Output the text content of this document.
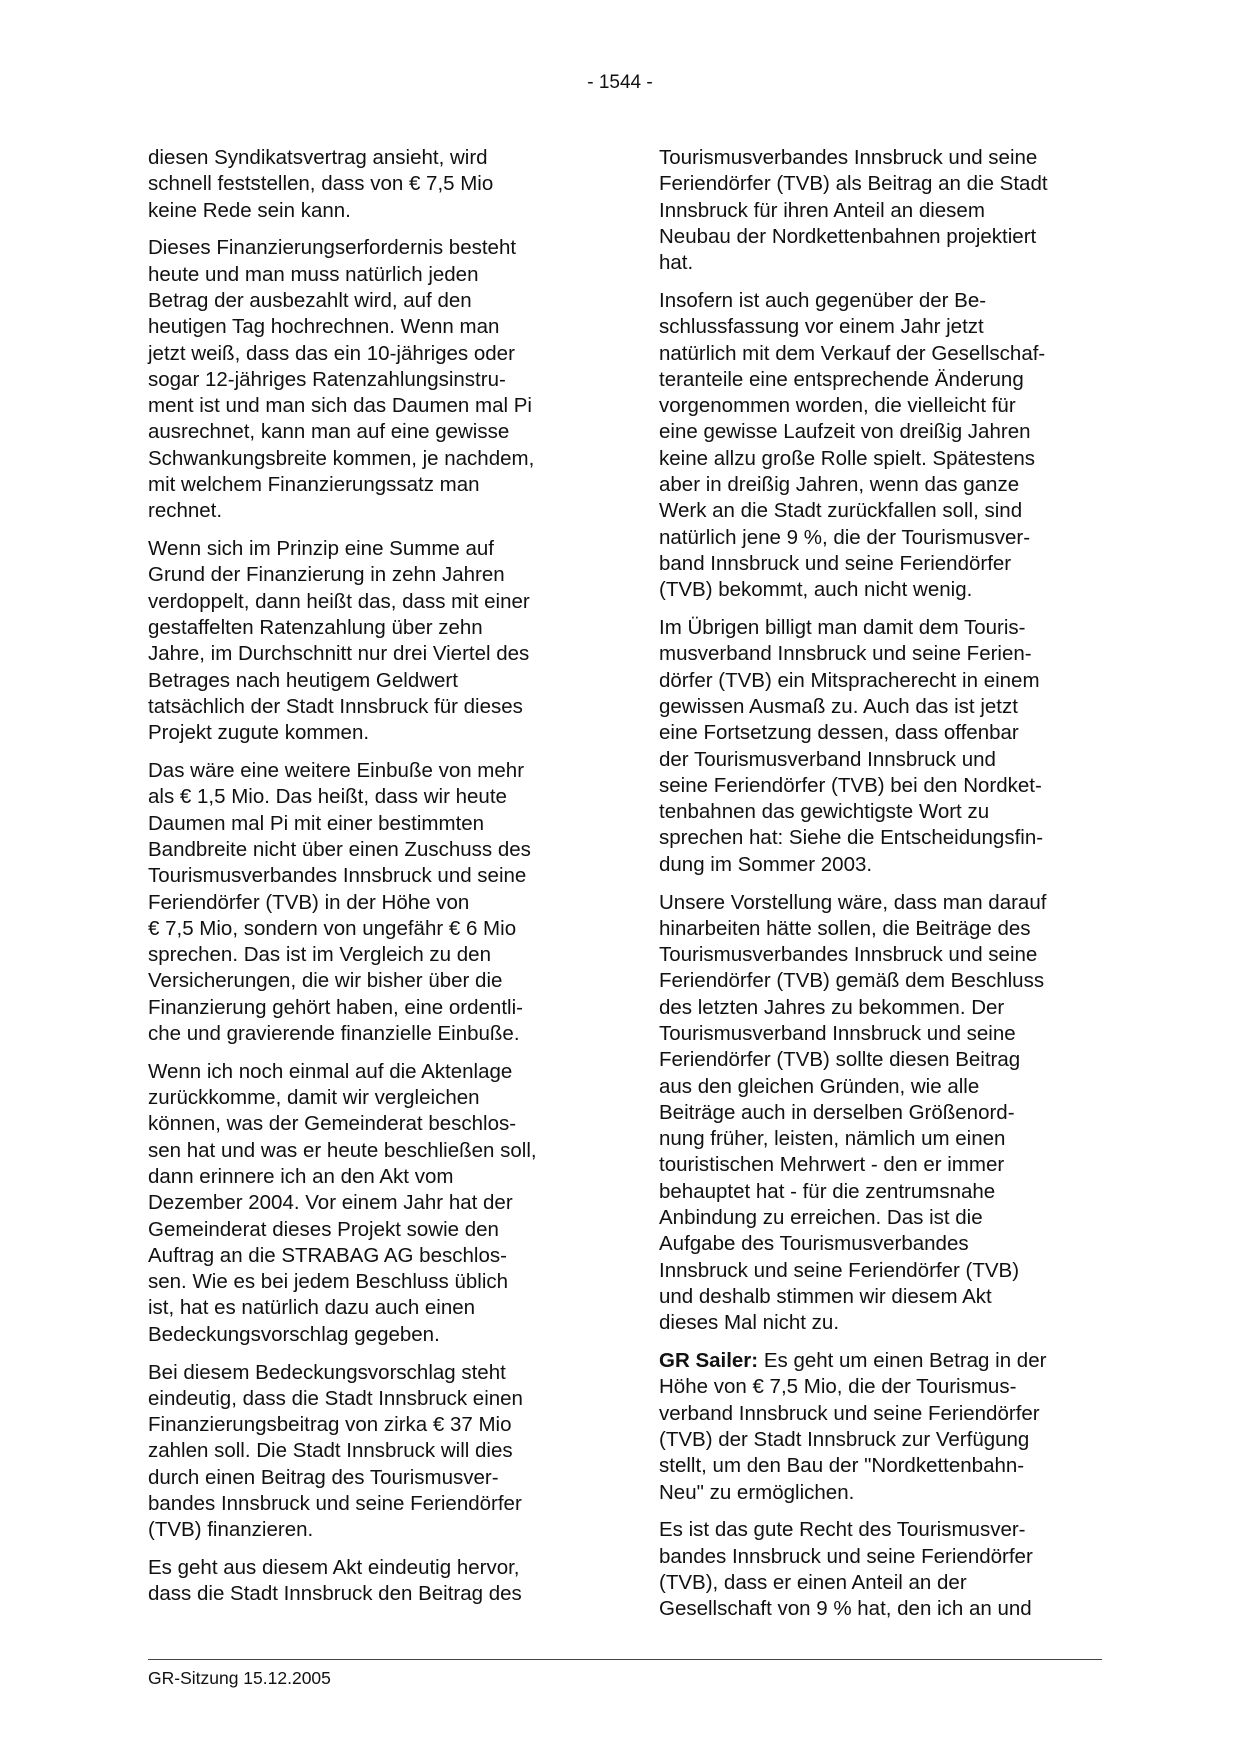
- 1544 -

diesen Syndikatsvertrag ansieht, wird
schnell feststellen, dass von € 7,5 Mio
keine Rede sein kann.

Dieses Finanzierungserfordernis besteht
heute und man muss natürlich jeden
Betrag der ausbezahlt wird, auf den
heutigen Tag hochrechnen. Wenn man
jetzt weiß, dass das ein 10-jähriges oder
sogar 12-jähriges Ratenzahlungsinstru-
ment ist und man sich das Daumen mal Pi
ausrechnet, kann man auf eine gewisse
Schwankungsbreite kommen, je nachdem,
mit welchem Finanzierungssatz man
rechnet.

Wenn sich im Prinzip eine Summe auf
Grund der Finanzierung in zehn Jahren
verdoppelt, dann heißt das, dass mit einer
gestaffelten Ratenzahlung über zehn
Jahre, im Durchschnitt nur drei Viertel des
Betrages nach heutigem Geldwert
tatsächlich der Stadt Innsbruck für dieses
Projekt zugute kommen.

Das wäre eine weitere Einbuße von mehr
als € 1,5 Mio. Das heißt, dass wir heute
Daumen mal Pi mit einer bestimmten
Bandbreite nicht über einen Zuschuss des
Tourismusverbandes Innsbruck und seine
Feriendörfer (TVB) in der Höhe von
€ 7,5 Mio, sondern von ungefähr € 6 Mio
sprechen. Das ist im Vergleich zu den
Versicherungen, die wir bisher über die
Finanzierung gehört haben, eine ordentli-
che und gravierende finanzielle Einbuße.

Wenn ich noch einmal auf die Aktenlage
zurückkomme, damit wir vergleichen
können, was der Gemeinderat beschlos-
sen hat und was er heute beschließen soll,
dann erinnere ich an den Akt vom
Dezember 2004. Vor einem Jahr hat der
Gemeinderat dieses Projekt sowie den
Auftrag an die STRABAG AG beschlos-
sen. Wie es bei jedem Beschluss üblich
ist, hat es natürlich dazu auch einen
Bedeckungsvorschlag gegeben.

Bei diesem Bedeckungsvorschlag steht
eindeutig, dass die Stadt Innsbruck einen
Finanzierungsbeitrag von zirka € 37 Mio
zahlen soll. Die Stadt Innsbruck will dies
durch einen Beitrag des Tourismusver-
bandes Innsbruck und seine Feriendörfer
(TVB) finanzieren.

Es geht aus diesem Akt eindeutig hervor,
dass die Stadt Innsbruck den Beitrag des

Tourismusverbandes Innsbruck und seine
Feriendörfer (TVB) als Beitrag an die Stadt
Innsbruck für ihren Anteil an diesem
Neubau der Nordkettenbahnen projektiert
hat.

Insofern ist auch gegenüber der Be-
schlussfassung vor einem Jahr jetzt
natürlich mit dem Verkauf der Gesellschaf-
teranteile eine entsprechende Änderung
vorgenommen worden, die vielleicht für
eine gewisse Laufzeit von dreißig Jahren
keine allzu große Rolle spielt. Spätestens
aber in dreißig Jahren, wenn das ganze
Werk an die Stadt zurückfallen soll, sind
natürlich jene 9 %, die der Tourismusver-
band Innsbruck und seine Feriendörfer
(TVB) bekommt, auch nicht wenig.

Im Übrigen billigt man damit dem Touris-
musverband Innsbruck und seine Ferien-
dörfer (TVB) ein Mitspracherecht in einem
gewissen Ausmaß zu. Auch das ist jetzt
eine Fortsetzung dessen, dass offenbar
der Tourismusverband Innsbruck und
seine Feriendörfer (TVB) bei den Nordket-
tenbahnen das gewichtigste Wort zu
sprechen hat: Siehe die Entscheidungsfin-
dung im Sommer 2003.

Unsere Vorstellung wäre, dass man darauf
hinarbeiten hätte sollen, die Beiträge des
Tourismusverbandes Innsbruck und seine
Feriendörfer (TVB) gemäß dem Beschluss
des letzten Jahres zu bekommen. Der
Tourismusverband Innsbruck und seine
Feriendörfer (TVB) sollte diesen Beitrag
aus den gleichen Gründen, wie alle
Beiträge auch in derselben Größenord-
nung früher, leisten, nämlich um einen
touristischen Mehrwert - den er immer
behauptet hat - für die zentrumsnahe
Anbindung zu erreichen. Das ist die
Aufgabe des Tourismusverbandes
Innsbruck und seine Feriendörfer (TVB)
und deshalb stimmen wir diesem Akt
dieses Mal nicht zu.

GR Sailer: Es geht um einen Betrag in der
Höhe von € 7,5 Mio, die der Tourismus-
verband Innsbruck und seine Feriendörfer
(TVB) der Stadt Innsbruck zur Verfügung
stellt, um den Bau der "Nordkettenbahn-
Neu" zu ermöglichen.

Es ist das gute Recht des Tourismusver-
bandes Innsbruck und seine Feriendörfer
(TVB), dass er einen Anteil an der
Gesellschaft von 9 % hat, den ich an und

GR-Sitzung 15.12.2005
